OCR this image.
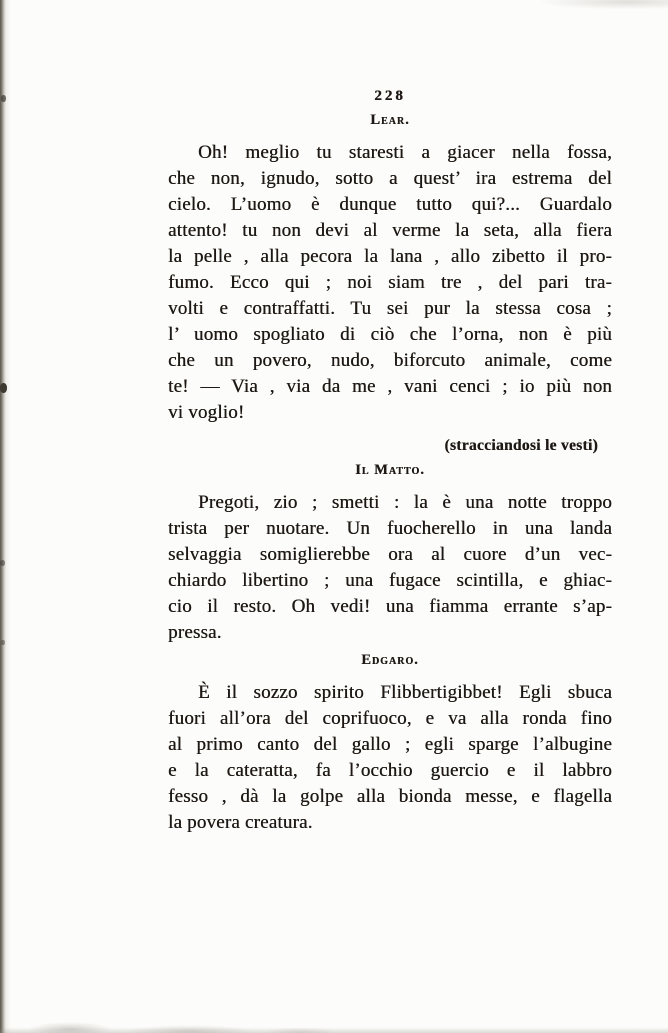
228
Lear.
Oh! meglio tu staresti a giacer nella fossa,
che non, ignudo, sotto a quest’ ira estrema del
cielo. L’uomo è dunque tutto qui?... Guardalo
attento! tu non devi al verme la seta, alla fiera
la pelle , alla pecora la lana , allo zibetto il pro-
fumo. Ecco qui ; noi siam tre , del pari tra-
volti e contraffatti. Tu sei pur la stessa cosa ;
l’ uomo spogliato di ciò che l’orna, non è più
che un povero, nudo, biforcuto animale, come
te! — Via , via da me , vani cenci ; io più non
vi voglio!
(stracciandosi le vesti)
Il Matto.
Pregoti, zio ; smetti : la è una notte troppo
trista per nuotare. Un fuocherello in una landa
selvaggia somiglierebbe ora al cuore d’un vec-
chiardo libertino ; una fugace scintilla, e ghiac-
cio il resto. Oh vedi! una fiamma errante s’ap-
pressa.
Edgaro.
È il sozzo spirito Flibbertigibbet! Egli sbuca
fuori all’ora del coprifuoco, e va alla ronda fino
al primo canto del gallo ; egli sparge l’albugine
e la cateratta, fa l’occhio guercio e il labbro
fesso , dà la golpe alla bionda messe, e flagella
la povera creatura.
